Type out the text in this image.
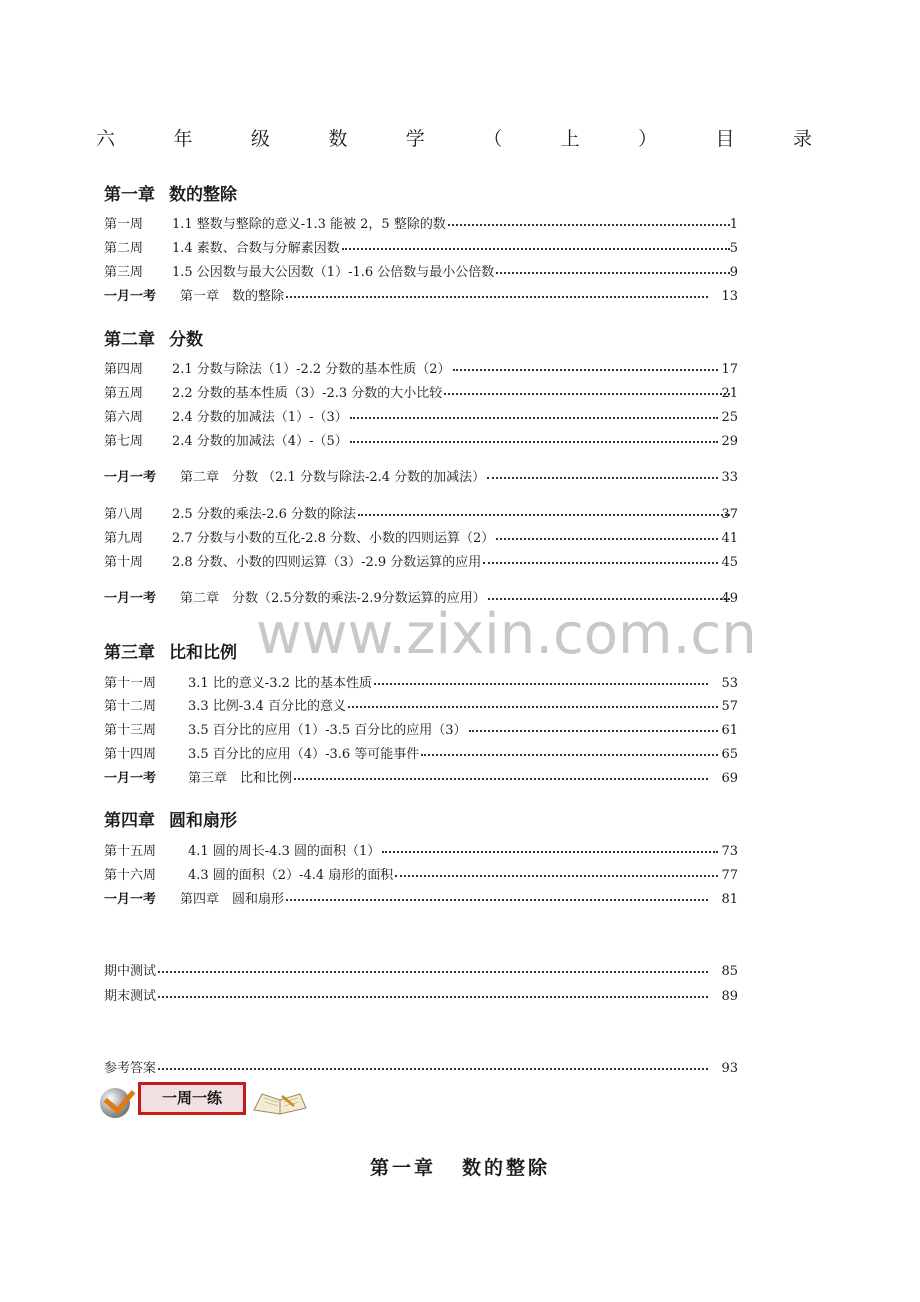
六	年	级	数	学	（	上	）	目	录
第一章 数的整除
第二章 分数
第三章 比和比例
第四章 圆和扇形
www.zixin.com.cn
第一周 1.1 整数与整除的意义-1.3 能被 2，5 整除的数	1
第二周 1.4 素数、合数与分解素因数	5
第三周 1.5 公因数与最大公因数（1）-1.6 公倍数与最小公倍数	9
一月一考 第一章　数的整除	13
第四周 2.1 分数与除法（1）-2.2 分数的基本性质（2）	17
第五周 2.2 分数的基本性质（3）-2.3 分数的大小比较	21
第六周 2.4 分数的加减法（1）-（3）	25
第七周 2.4 分数的加减法（4）-（5）	29
一月一考 第二章　分数 （2.1 分数与除法-2.4 分数的加减法）	33
第八周 2.5 分数的乘法-2.6 分数的除法	37
第九周 2.7 分数与小数的互化-2.8 分数、小数的四则运算（2）	41
第十周 2.8 分数、小数的四则运算（3）-2.9 分数运算的应用	45
一月一考 第二章　分数（2.5分数的乘法-2.9分数运算的应用）	49
第十一周 3.1 比的意义-3.2 比的基本性质	53
第十二周 3.3 比例-3.4 百分比的意义	57
第十三周 3.5 百分比的应用（1）-3.5 百分比的应用（3）	61
第十四周 3.5 百分比的应用（4）-3.6 等可能事件	65
一月一考 第三章　比和比例	69
第十五周 4.1 圆的周长-4.3 圆的面积（1）	73
第十六周 4.3 圆的面积（2）-4.4 扇形的面积	77
一月一考 第四章　圆和扇形	81
期中测试	85
期末测试	89
参考答案	93
一周一练
第一章 数的整除
